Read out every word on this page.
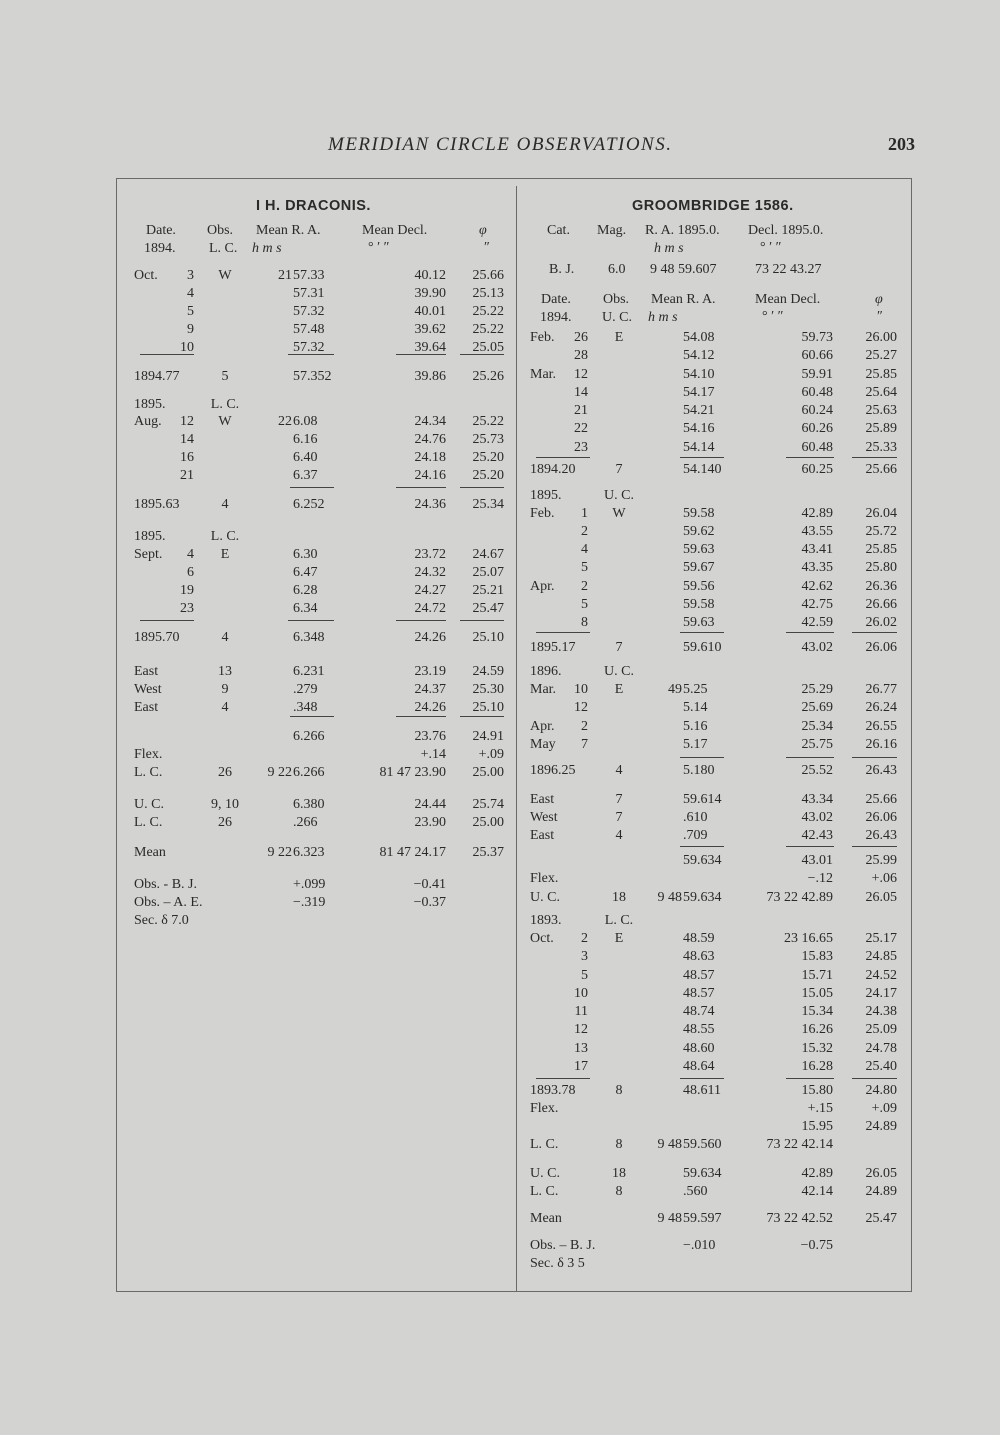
MERIDIAN CIRCLE OBSERVATIONS.	203
I H. DRACONIS.
Date. Obs. Mean R. A.	Mean Decl.	φ
1894. L. C. h m s	° ′ ″	″
Oct.	3	W	21 57.33	40.12	25.66
4	57.31	39.90	25.13
5	57.32	40.01	25.22
9	57.48	39.62	25.22
10	57.32	39.64	25.05
1894.77	5	57.352	39.86	25.26
1895.	L. C.
Aug.	12	W	22 6.08	24.34	25.22
14	6.16	24.76	25.73
16	6.40	24.18	25.20
21	6.37	24.16	25.20
1895.63	4	6.252	24.36	25.34
1895.	L. C.
Sept.	4	E	6.30	23.72	24.67
6	6.47	24.32	25.07
19	6.28	24.27	25.21
23	6.34	24.72	25.47
1895.70	4	6.348	24.26	25.10
East	13	6.231	23.19	24.59
West	9	.279	24.37	25.30
East	4	.348	24.26	25.10
6.266	23.76	24.91
Flex.	+.14	+.09
L. C.	26	9 22 6.266	81 47 23.90	25.00
U. C.	9, 10	6.380	24.44	25.74
L. C.	26	.266	23.90	25.00
Mean	9 22 6.323	81 47 24.17	25.37
Obs. - B. J.	+.099	−0.41
Obs. – A. E.	−.319	−0.37
Sec. δ 7.0
GROOMBRIDGE 1586.
Cat. Mag. R. A. 1895.0. Decl. 1895.0.
h m s	° ′ ″
B. J. 6.0 9 48 59.607	73 22 43.27
Date. Obs. Mean R. A.	Mean Decl.	φ
1894. U. C. h m s	° ′ ″	″
Feb.	26	E	54.08	59.73	26.00
28	54.12	60.66	25.27
Mar.	12	54.10	59.91	25.85
14	54.17	60.48	25.64
21	54.21	60.24	25.63
22	54.16	60.26	25.89
23	54.14	60.48	25.33
1894.20	7	54.140	60.25	25.66
1895.	U. C.
Feb.	1	W	59.58	42.89	26.04
2	59.62	43.55	25.72
4	59.63	43.41	25.85
5	59.67	43.35	25.80
Apr.	2	59.56	42.62	26.36
5	59.58	42.75	26.66
8	59.63	42.59	26.02
1895.17	7	59.610	43.02	26.06
1896.	U. C.
Mar.	10	E	49 5.25	25.29	26.77
12	5.14	25.69	26.24
Apr.	2	5.16	25.34	26.55
May	7	5.17	25.75	26.16
1896.25	4	5.180	25.52	26.43
East	7	59.614	43.34	25.66
West	7	.610	43.02	26.06
East	4	.709	42.43	26.43
59.634	43.01	25.99
Flex.	−.12	+.06
U. C.	18	9 48 59.634	73 22 42.89	26.05
1893.	L. C.
Oct.	2	E	48.59	23 16.65	25.17
3	48.63	15.83	24.85
5	48.57	15.71	24.52
10	48.57	15.05	24.17
11	48.74	15.34	24.38
12	48.55	16.26	25.09
13	48.60	15.32	24.78
17	48.64	16.28	25.40
1893.78	8	48.611	15.80	24.80
Flex.	+.15	+.09
15.95	24.89
L. C.	8	9 48 59.560	73 22 42.14
U. C.	18	59.634	42.89	26.05
L. C.	8	.560	42.14	24.89
Mean	9 48 59.597	73 22 42.52	25.47
Obs. – B. J.	−.010	−0.75
Sec. δ 3 5
